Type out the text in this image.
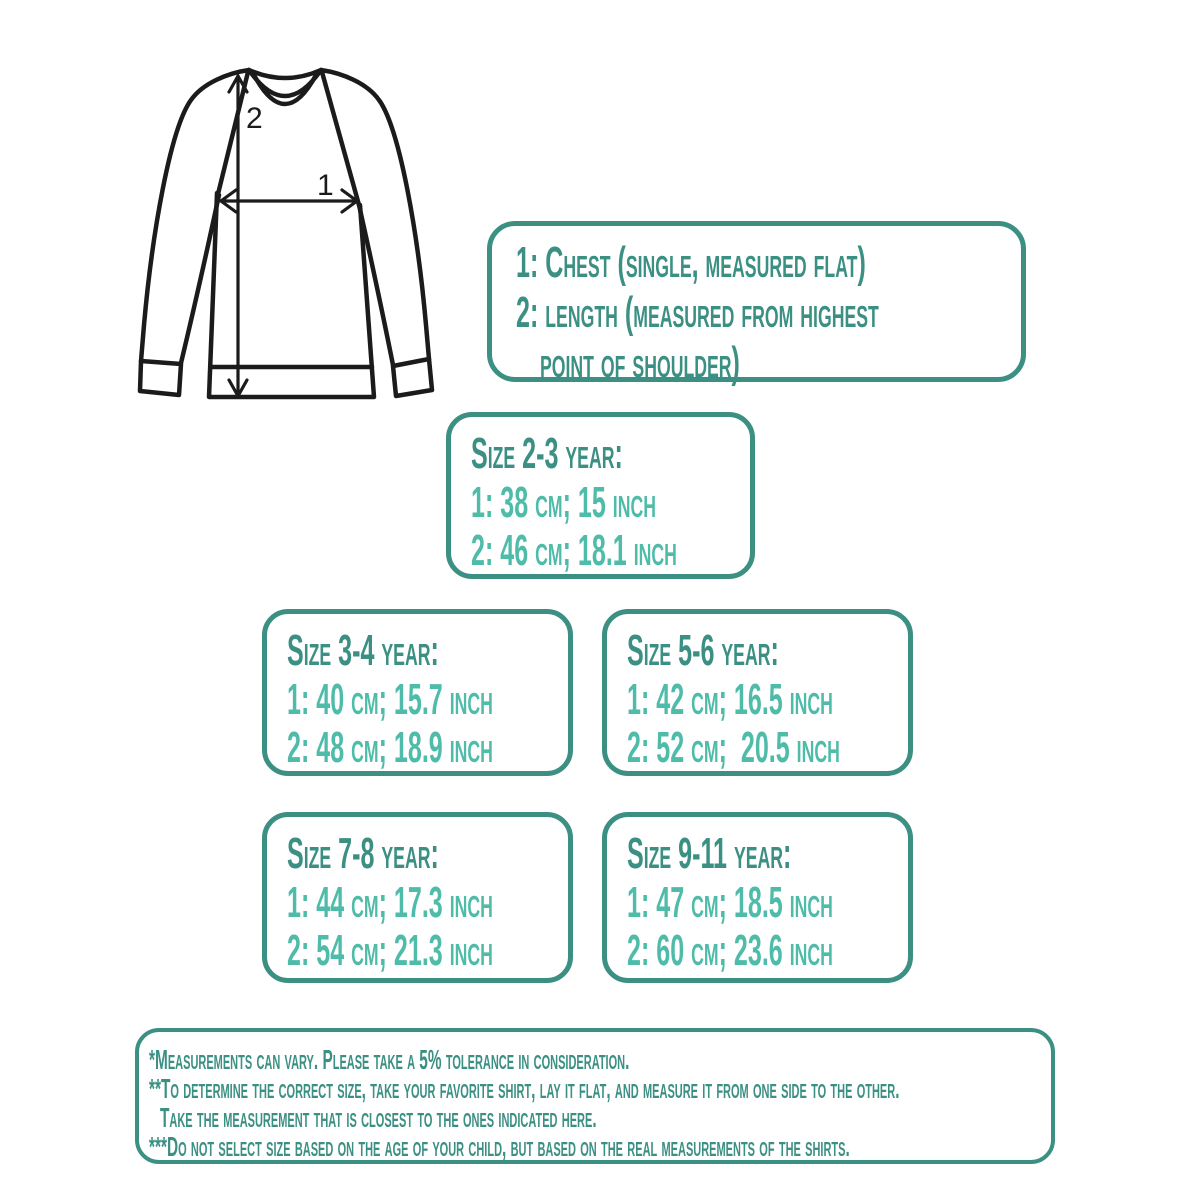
1
2
1: Chest (single, measured flat)
2: length (measured from highest
point of shoulder)
Size 2-3 year:
1: 38 cm; 15 inch
2: 46 cm; 18.1 inch
Size 3-4 year:
1: 40 cm; 15.7 inch
2: 48 cm; 18.9 inch
Size 5-6 year:
1: 42 cm; 16.5 inch
2: 52 cm;  20.5 inch
Size 7-8 year:
1: 44 cm; 17.3 inch
2: 54 cm; 21.3 inch
Size 9-11 year:
1: 47 cm; 18.5 inch
2: 60 cm; 23.6 inch
*Measurements can vary. Please take a 5% tolerance in consideration.
**To determine the correct size, take your favorite shirt, lay it flat, and measure it from one side to the other.
Take the measurement that is closest to the ones indicated here.
***Do not select size based on the age of your child, but based on the real measurements of the shirts.
